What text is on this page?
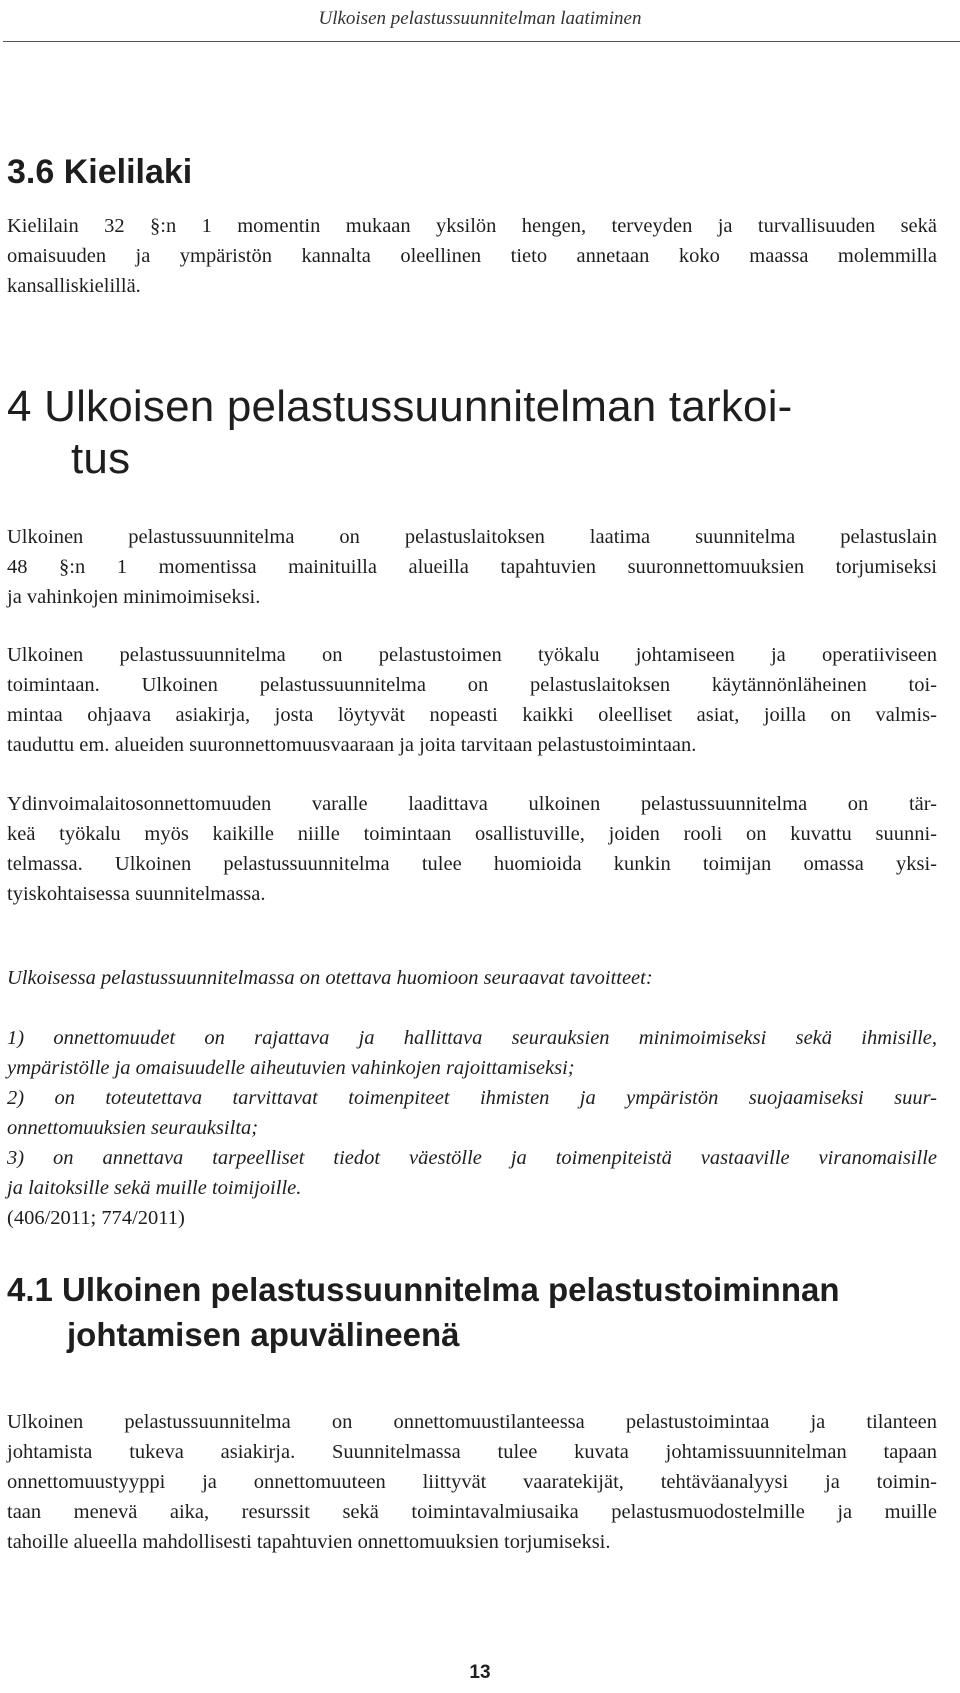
Ulkoisen pelastussuunnitelman laatiminen

3.6 Kielilaki

Kielilain 32 §:n 1 momentin mukaan yksilön hengen, terveyden ja turvallisuuden sekä
omaisuuden ja ympäristön kannalta oleellinen tieto annetaan koko maassa molemmilla
kansalliskielillä.

4 Ulkoisen pelastussuunnitelman tarkoi-
tus

Ulkoinen pelastussuunnitelma on pelastuslaitoksen laatima suunnitelma pelastuslain
48 §:n 1 momentissa mainituilla alueilla tapahtuvien suuronnettomuuksien torjumiseksi
ja vahinkojen minimoimiseksi.

Ulkoinen pelastussuunnitelma on pelastustoimen työkalu johtamiseen ja operatiiviseen
toimintaan. Ulkoinen pelastussuunnitelma on pelastuslaitoksen käytännönläheinen toi-
mintaa ohjaava asiakirja, josta löytyvät nopeasti kaikki oleelliset asiat, joilla on valmis-
tauduttu em. alueiden suuronnettomuusvaaraan ja joita tarvitaan pelastustoimintaan.

Ydinvoimalaitosonnettomuuden varalle laadittava ulkoinen pelastussuunnitelma on tär-
keä työkalu myös kaikille niille toimintaan osallistuville, joiden rooli on kuvattu suunni-
telmassa. Ulkoinen pelastussuunnitelma tulee huomioida kunkin toimijan omassa yksi-
tyiskohtaisessa suunnitelmassa.

Ulkoisessa pelastussuunnitelmassa on otettava huomioon seuraavat tavoitteet:

1) onnettomuudet on rajattava ja hallittava seurauksien minimoimiseksi sekä ihmisille,
ympäristölle ja omaisuudelle aiheutuvien vahinkojen rajoittamiseksi;
2) on toteutettava tarvittavat toimenpiteet ihmisten ja ympäristön suojaamiseksi suur-
onnettomuuksien seurauksilta;
3) on annettava tarpeelliset tiedot väestölle ja toimenpiteistä vastaaville viranomaisille
ja laitoksille sekä muille toimijoille.

(406/2011; 774/2011)

4.1 Ulkoinen pelastussuunnitelma pelastustoiminnan
johtamisen apuvälineenä

Ulkoinen pelastussuunnitelma on onnettomuustilanteessa pelastustoimintaa ja tilanteen
johtamista tukeva asiakirja. Suunnitelmassa tulee kuvata johtamissuunnitelman tapaan
onnettomuustyyppi ja onnettomuuteen liittyvät vaaratekijät, tehtäväanalyysi ja toimin-
taan menevä aika, resurssit sekä toimintavalmiusaika pelastusmuodostelmille ja muille
tahoille alueella mahdollisesti tapahtuvien onnettomuuksien torjumiseksi.

13
